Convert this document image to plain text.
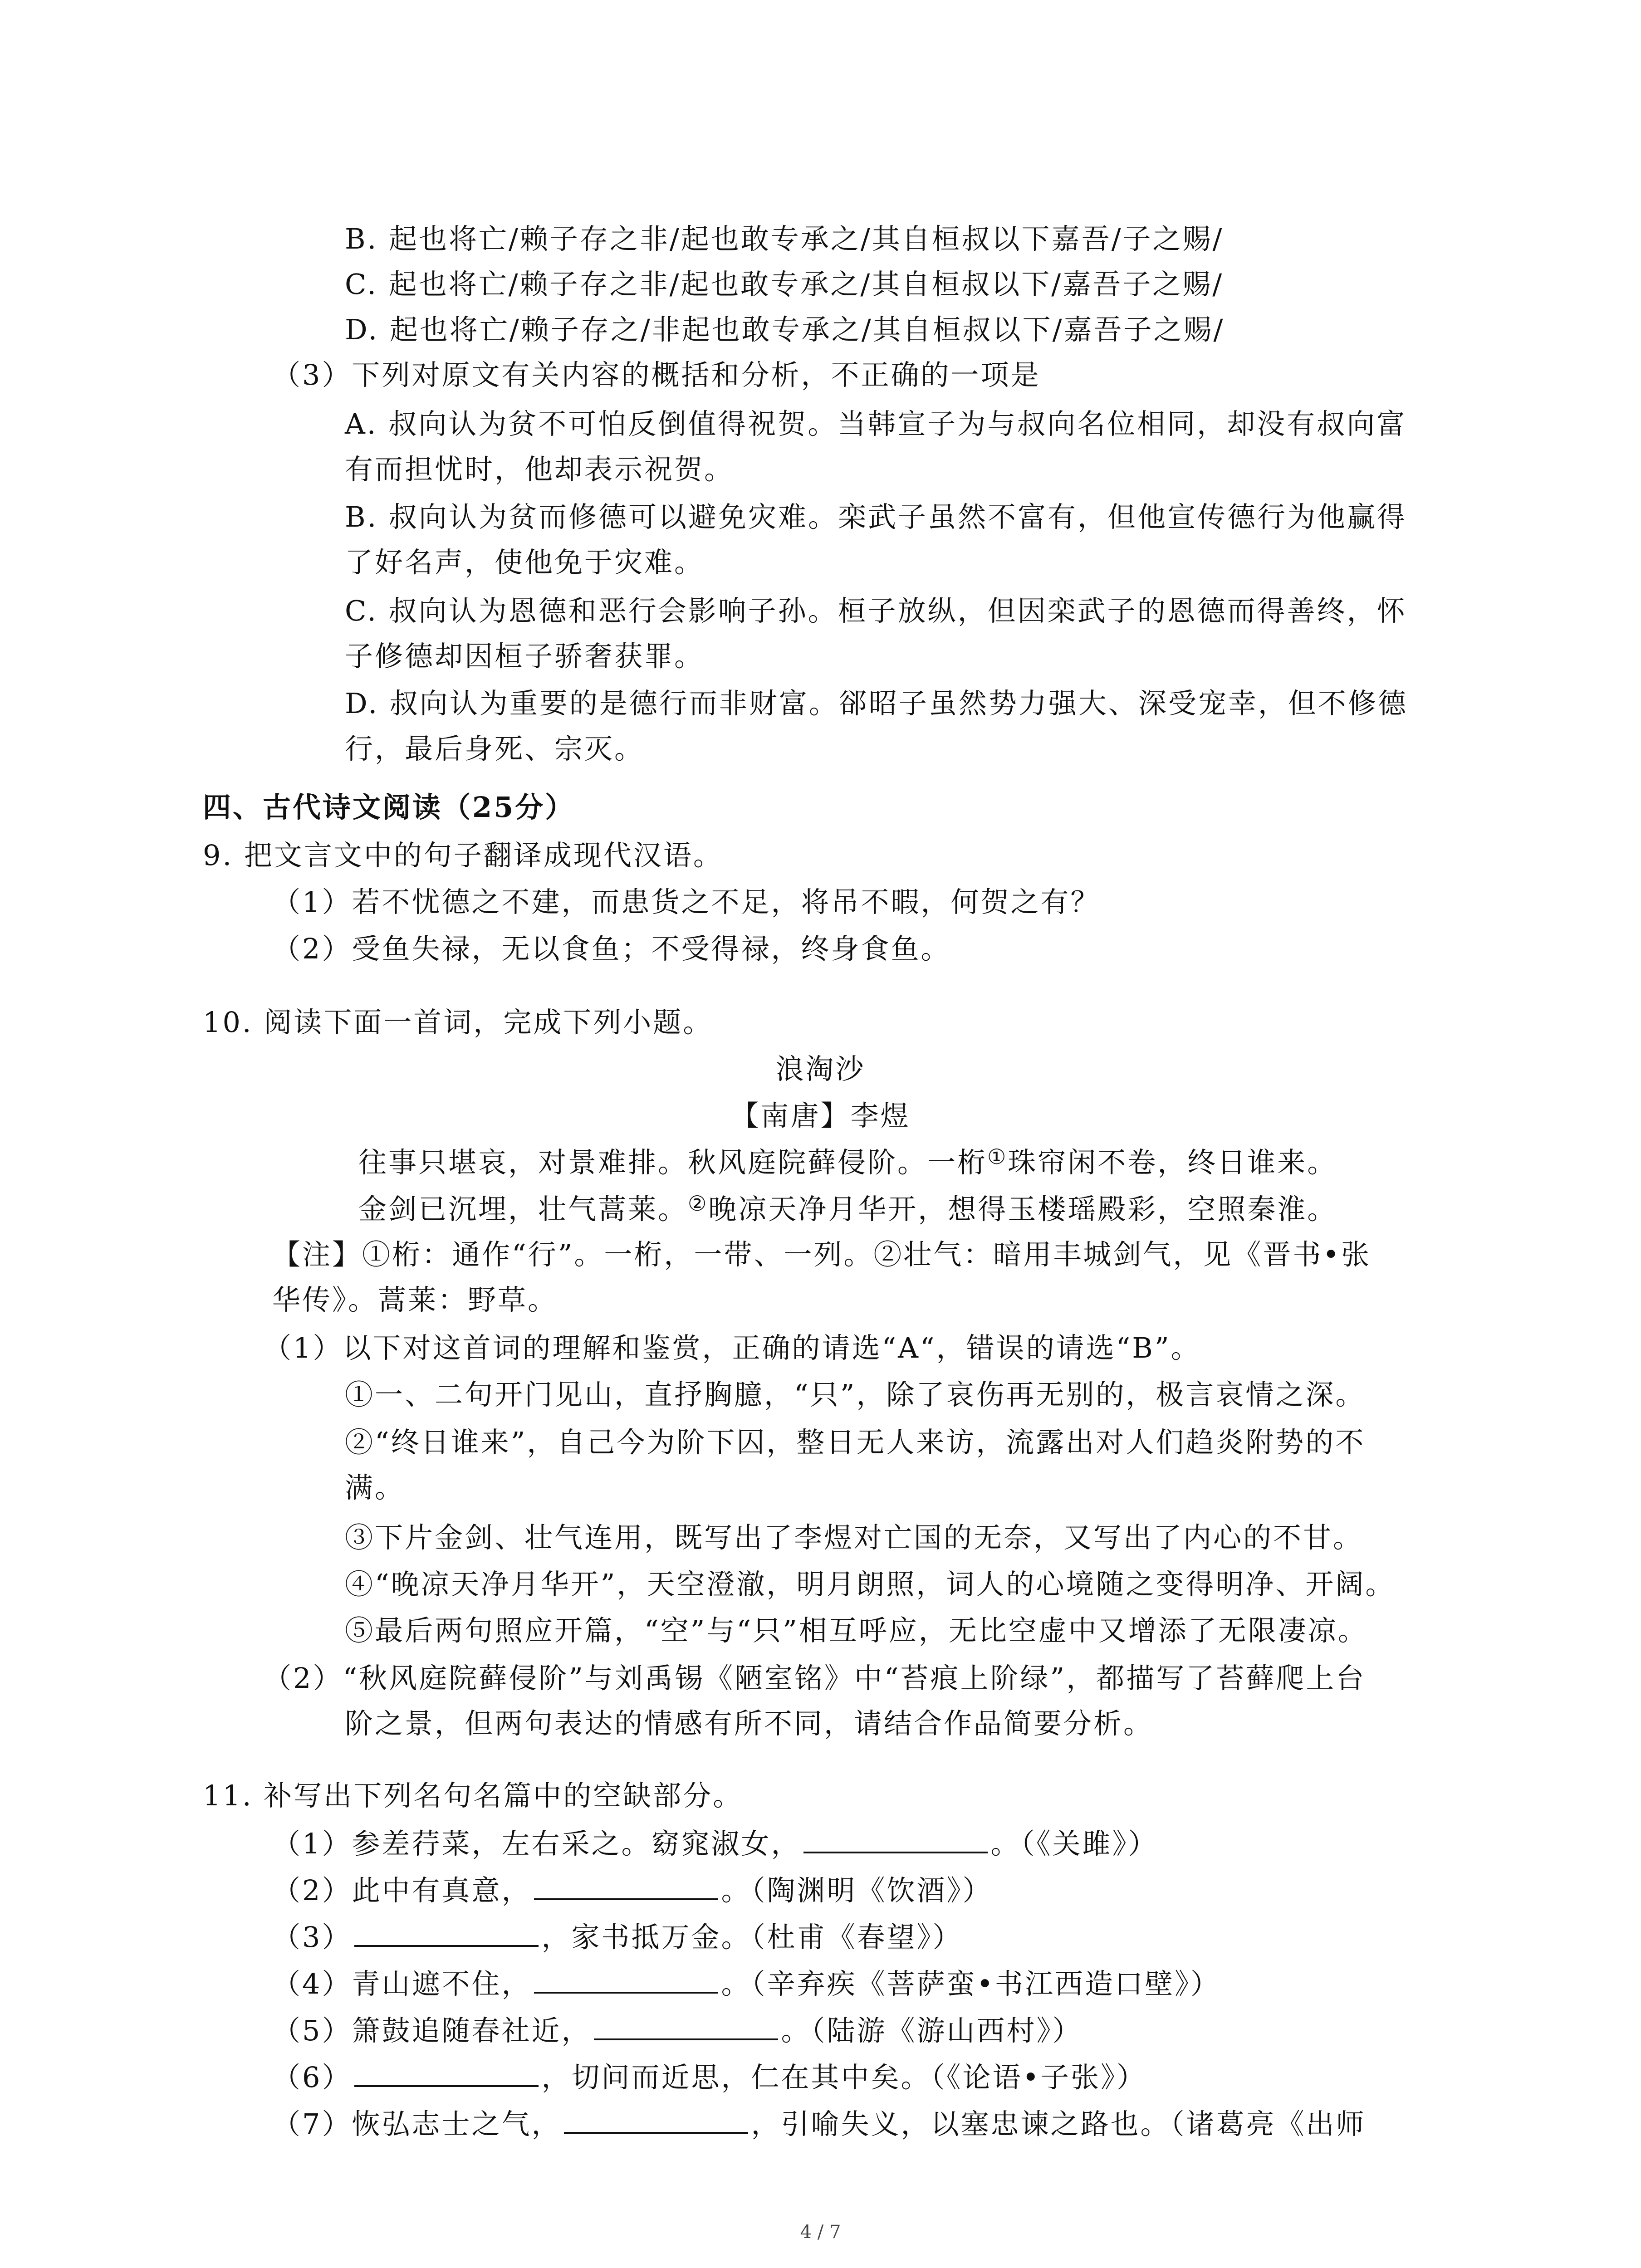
B. 起也将亡/赖子存之非/起也敢专承之/其自桓叔以下嘉吾/子之赐/
C. 起也将亡/赖子存之非/起也敢专承之/其自桓叔以下/嘉吾子之赐/
D. 起也将亡/赖子存之/非起也敢专承之/其自桓叔以下/嘉吾子之赐/
（3）下列对原文有关内容的概括和分析，不正确的一项是
A. 叔向认为贫不可怕反倒值得祝贺。当韩宣子为与叔向名位相同，却没有叔向富
有而担忧时，他却表示祝贺。
B. 叔向认为贫而修德可以避免灾难。栾武子虽然不富有，但他宣传德行为他赢得
了好名声，使他免于灾难。
C. 叔向认为恩德和恶行会影响子孙。桓子放纵，但因栾武子的恩德而得善终，怀
子修德却因桓子骄奢获罪。
D. 叔向认为重要的是德行而非财富。郤昭子虽然势力强大、深受宠幸，但不修德
行，最后身死、宗灭。
四、古代诗文阅读（25分）
9. 把文言文中的句子翻译成现代汉语。
（1）若不忧德之不建，而患货之不足，将吊不暇，何贺之有？
（2）受鱼失禄，无以食鱼；不受得禄，终身食鱼。
10. 阅读下面一首词，完成下列小题。
浪淘沙
【南唐】李煜
往事只堪哀，对景难排。秋风庭院藓侵阶。一桁①珠帘闲不卷，终日谁来。
金剑已沉埋，壮气蒿莱。②晚凉天净月华开，想得玉楼瑶殿彩，空照秦淮。
【注】①桁：通作“行”。一桁，一带、一列。②壮气：暗用丰城剑气，见《晋书•张
华传》。蒿莱：野草。
（1）以下对这首词的理解和鉴赏，正确的请选“A“，错误的请选“B”。
①一、二句开门见山，直抒胸臆，“只”，除了哀伤再无别的，极言哀情之深。
②“终日谁来”，自己今为阶下囚，整日无人来访，流露出对人们趋炎附势的不
满。
③下片金剑、壮气连用，既写出了李煜对亡国的无奈，又写出了内心的不甘。
④“晚凉天净月华开”，天空澄澈，明月朗照，词人的心境随之变得明净、开阔。
⑤最后两句照应开篇，“空”与“只”相互呼应，无比空虚中又增添了无限凄凉。
（2）“秋风庭院藓侵阶”与刘禹锡《陋室铭》中“苔痕上阶绿”，都描写了苔藓爬上台
阶之景，但两句表达的情感有所不同，请结合作品简要分析。
11. 补写出下列名句名篇中的空缺部分。
（1）参差荇菜，左右采之。窈窕淑女，	。（《关雎》）
（2）此中有真意，	。（陶渊明《饮酒》）
（3）	，家书抵万金。（杜甫《春望》）
（4）青山遮不住，	。（辛弃疾《菩萨蛮•书江西造口壁》）
（5）箫鼓追随春社近，	。（陆游《游山西村》）
（6）	，切问而近思，仁在其中矣。（《论语•子张》）
（7）恢弘志士之气，	，引喻失义，以塞忠谏之路也。（诸葛亮《出师
4 / 7
